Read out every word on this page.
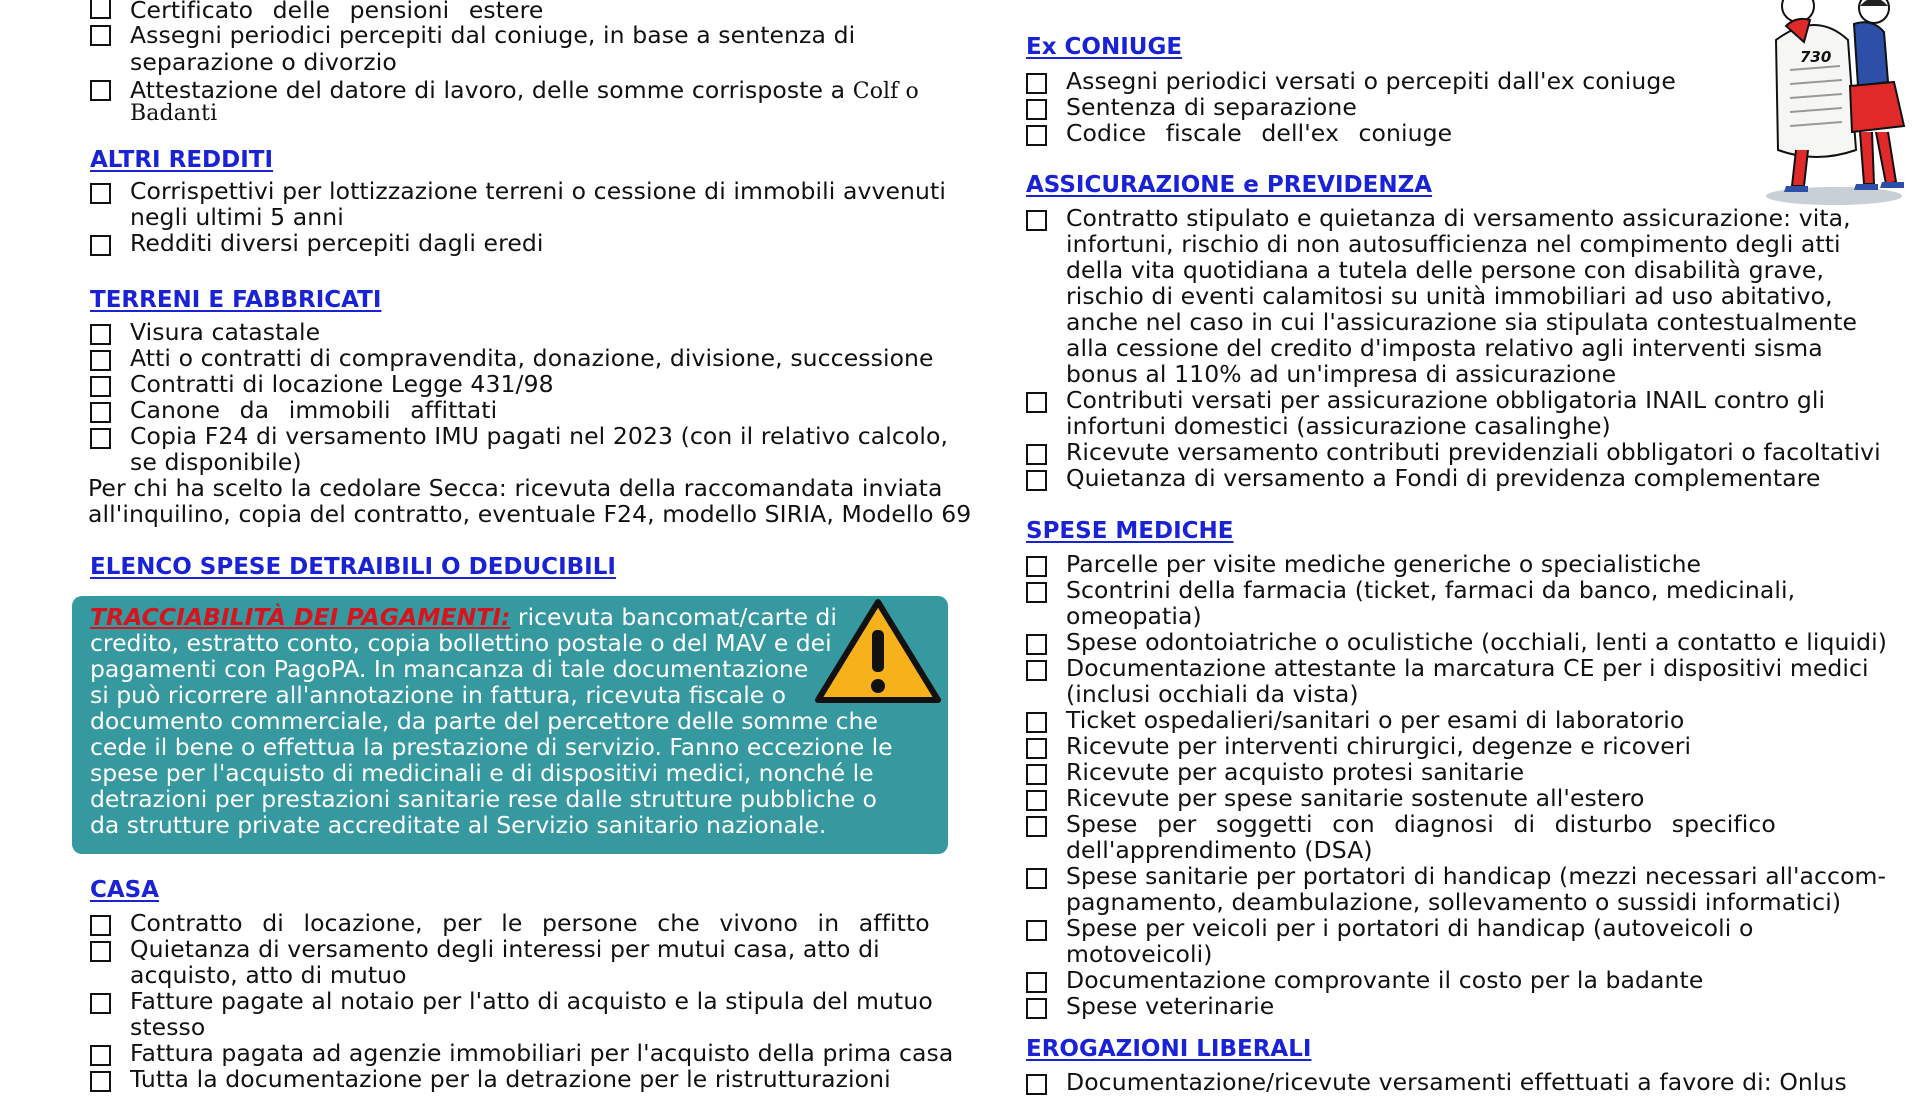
Certificato delle pensioni estere
Assegni periodici percepiti dal coniuge, in base a sentenza di
separazione o divorzio
Attestazione del datore di lavoro, delle somme corrisposte a Colf o
Badanti
ALTRI REDDITI
Corrispettivi per lottizzazione terreni o cessione di immobili avvenuti
negli ultimi 5 anni
Redditi diversi percepiti dagli eredi
TERRENI E FABBRICATI
Visura catastale
Atti o contratti di compravendita, donazione, divisione, successione
Contratti di locazione Legge 431/98
Canone da immobili affittati
Copia F24 di versamento IMU pagati nel 2023 (con il relativo calcolo,
se disponibile)
Per chi ha scelto la cedolare Secca: ricevuta della raccomandata inviata
all'inquilino, copia del contratto, eventuale F24, modello SIRIA, Modello 69
ELENCO SPESE DETRAIBILI O DEDUCIBILI
TRACCIABILITÀ DEI PAGAMENTI: ricevuta bancomat/carte di
credito, estratto conto, copia bollettino postale o del MAV e dei
pagamenti con PagoPA. In mancanza di tale documentazione
si può ricorrere all'annotazione in fattura, ricevuta fiscale o
documento commerciale, da parte del percettore delle somme che
cede il bene o effettua la prestazione di servizio. Fanno eccezione le
spese per l'acquisto di medicinali e di dispositivi medici, nonché le
detrazioni per prestazioni sanitarie rese dalle strutture pubbliche o
da strutture private accreditate al Servizio sanitario nazionale.
CASA
Contratto di locazione, per le persone che vivono in affitto
Quietanza di versamento degli interessi per mutui casa, atto di
acquisto, atto di mutuo
Fatture pagate al notaio per l'atto di acquisto e la stipula del mutuo
stesso
Fattura pagata ad agenzie immobiliari per l'acquisto della prima casa
Tutta la documentazione per la detrazione per le ristrutturazioni
Ex CONIUGE
Assegni periodici versati o percepiti dall'ex coniuge
Sentenza di separazione
Codice fiscale dell'ex coniuge
ASSICURAZIONE e PREVIDENZA
Contratto stipulato e quietanza di versamento assicurazione: vita,
infortuni, rischio di non autosufficienza nel compimento degli atti
della vita quotidiana a tutela delle persone con disabilità grave,
rischio di eventi calamitosi su unità immobiliari ad uso abitativo,
anche nel caso in cui l'assicurazione sia stipulata contestualmente
alla cessione del credito d'imposta relativo agli interventi sisma
bonus al 110% ad un'impresa di assicurazione
Contributi versati per assicurazione obbligatoria INAIL contro gli
infortuni domestici (assicurazione casalinghe)
Ricevute versamento contributi previdenziali obbligatori o facoltativi
Quietanza di versamento a Fondi di previdenza complementare
SPESE MEDICHE
Parcelle per visite mediche generiche o specialistiche
Scontrini della farmacia (ticket, farmaci da banco, medicinali,
omeopatia)
Spese odontoiatriche o oculistiche (occhiali, lenti a contatto e liquidi)
Documentazione attestante la marcatura CE per i dispositivi medici
(inclusi occhiali da vista)
Ticket ospedalieri/sanitari o per esami di laboratorio
Ricevute per interventi chirurgici, degenze e ricoveri
Ricevute per acquisto protesi sanitarie
Ricevute per spese sanitarie sostenute all'estero
Spese per soggetti con diagnosi di disturbo specifico
dell'apprendimento (DSA)
Spese sanitarie per portatori di handicap (mezzi necessari all'accom-
pagnamento, deambulazione, sollevamento o sussidi informatici)
Spese per veicoli per i portatori di handicap (autoveicoli o
motoveicoli)
Documentazione comprovante il costo per la badante
Spese veterinarie
EROGAZIONI LIBERALI
Documentazione/ricevute versamenti effettuati a favore di: Onlus
730
